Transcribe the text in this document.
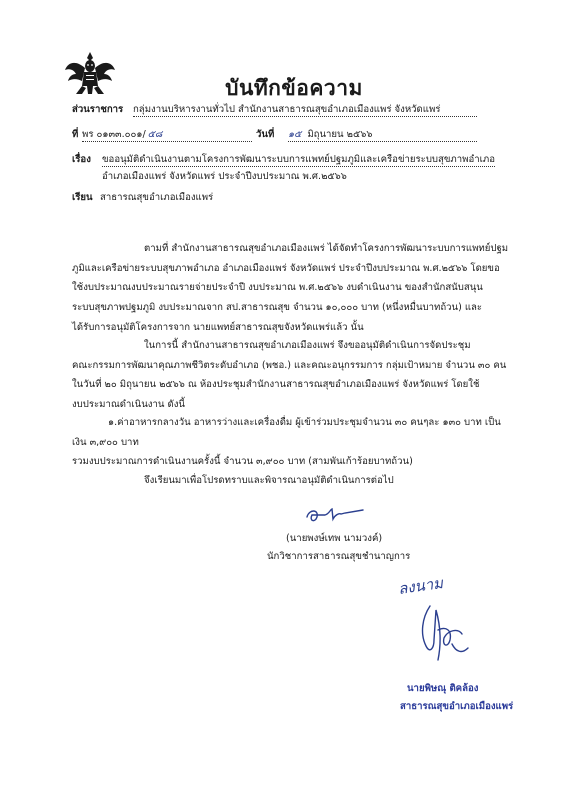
บันทึกข้อความ
ส่วนราชการ กลุ่มงานบริหารงานทั่วไป สำนักงานสาธารณสุขอำเภอเมืองแพร่ จังหวัดแพร่
ที่ พร ๐๑๓๓.๐๐๑/ ๕๘	วันที่ ๑๕ มิถุนายน ๒๕๖๖
เรื่อง ขออนุมัติดำเนินงานตามโครงการพัฒนาระบบการแพทย์ปฐมภูมิและเครือข่ายระบบสุขภาพอำเภอ
อำเภอเมืองแพร่ จังหวัดแพร่ ประจำปีงบประมาณ พ.ศ.๒๕๖๖
เรียน สาธารณสุขอำเภอเมืองแพร่
ตามที่ สำนักงานสาธารณสุขอำเภอเมืองแพร่ ได้จัดทำโครงการพัฒนาระบบการแพทย์ปฐม
ภูมิและเครือข่ายระบบสุขภาพอำเภอ อำเภอเมืองแพร่ จังหวัดแพร่ ประจำปีงบประมาณ พ.ศ.๒๕๖๖ โดยขอ
ใช้งบประมาณงบประมาณรายจ่ายประจำปี งบประมาณ พ.ศ.๒๕๖๖ งบดำเนินงาน ของสำนักสนับสนุน
ระบบสุขภาพปฐมภูมิ งบประมาณจาก สป.สาธารณสุข จำนวน ๑๐,๐๐๐ บาท (หนึ่งหมื่นบาทถ้วน) และ
ได้รับการอนุมัติโครงการจาก นายแพทย์สาธารณสุขจังหวัดแพร่แล้ว นั้น
ในการนี้ สำนักงานสาธารณสุขอำเภอเมืองแพร่ จึงขออนุมัติดำเนินการจัดประชุม
คณะกรรมการพัฒนาคุณภาพชีวิตระดับอำเภอ (พชอ.) และคณะอนุกรรมการ กลุ่มเป้าหมาย จำนวน ๓๐ คน
ในวันที่ ๒๐ มิถุนายน ๒๕๖๖ ณ ห้องประชุมสำนักงานสาธารณสุขอำเภอเมืองแพร่ จังหวัดแพร่ โดยใช้
งบประมาณดำเนินงาน ดังนี้
๑.ค่าอาหารกลางวัน อาหารว่างและเครื่องดื่ม ผู้เข้าร่วมประชุมจำนวน ๓๐ คนๆละ ๑๓๐ บาท เป็น
เงิน ๓,๙๐๐ บาท
รวมงบประมาณการดำเนินงานครั้งนี้ จำนวน ๓,๙๐๐ บาท (สามพันเก้าร้อยบาทถ้วน)
จึงเรียนมาเพื่อโปรดทราบและพิจารณาอนุมัติดำเนินการต่อไป
(นายพงษ์เทพ นามวงค์)
นักวิชาการสาธารณสุขชำนาญการ
ลงนาม
นายพิษณุ ติคล้อง
สาธารณสุขอำเภอเมืองแพร่
